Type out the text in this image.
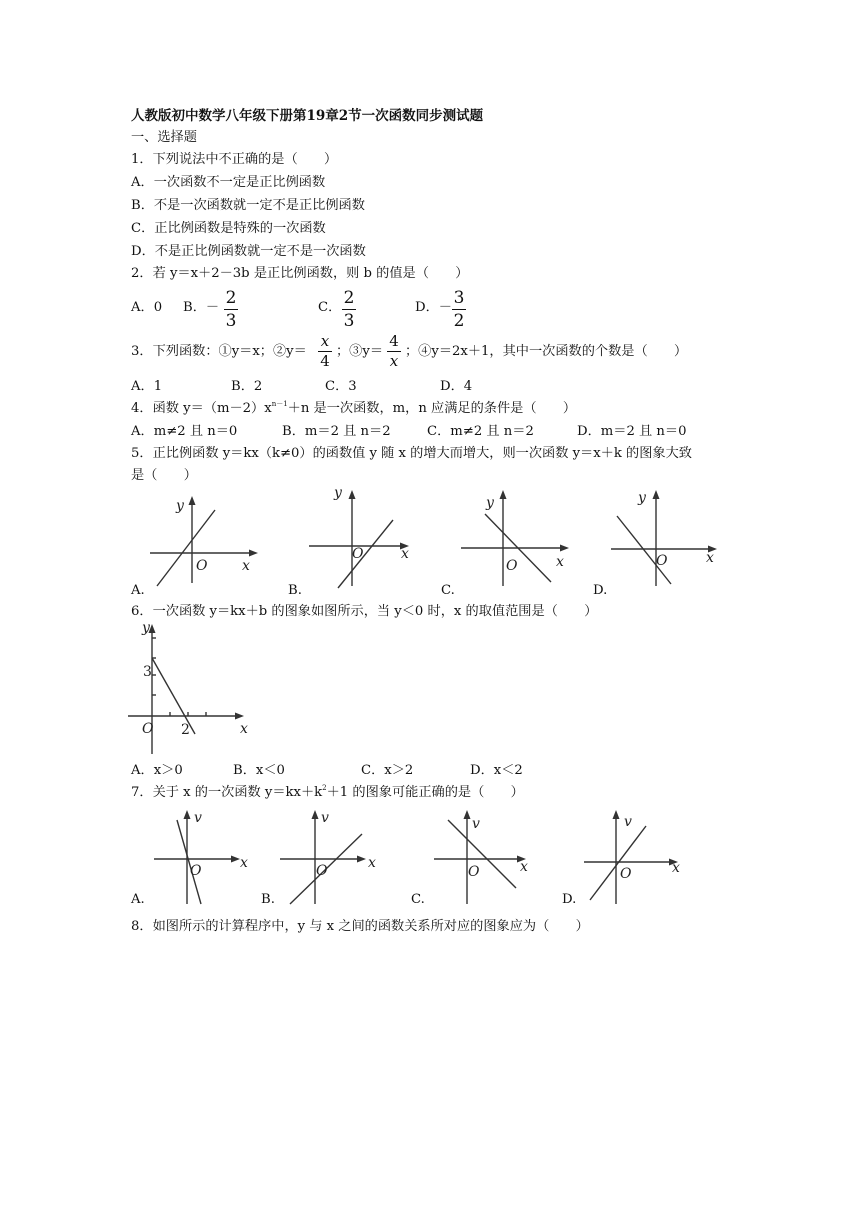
人教版初中数学八年级下册第19章2节一次函数同步测试题
一、选择题
1．下列说法中不正确的是（　　）
A．一次函数不一定是正比例函数
B．不是一次函数就一定不是正比例函数
C．正比例函数是特殊的一次函数
D．不是正比例函数就一定不是一次函数
2．若 y＝x＋2－3b 是正比例函数，则 b 的值是（　　）
A．0 B．－ 2
3
C． 2
3
D．－ 3
2
3．下列函数：①y＝x；②y＝
x
4
；③y＝
4
x
；④y＝2x＋1，其中一次函数的个数是（　　）
A．1	B．2	C．3	D．4
4．函数 $y=(m-2)x^{n-1}+n$ 是一次函数，m，n 应满足的条件是（　　）
A．m≠2 且 n＝0	B．m＝2 且 n＝2	C．m≠2 且 n＝2	D．m＝2 且 n＝0
5．正比例函数 y＝kx（k≠0）的函数值 y 随 x 的增大而增大，则一次函数 y＝x＋k 的图象大致
是（　　）
y
x
O
A.
y
x
O
B.
y
x
O
C.
y
x
O
D.
6．一次函数 y＝kx＋b 的图象如图所示，当 y＜0 时，x 的取值范围是（　　）
y
x
O
3
2
A．x＞0	B．x＜0	C．x＞2	D．x＜2
7．关于 x 的一次函数 $y=kx+k^2+1$ 的图象可能正确的是（　　）
v
x
O
A.
v
x
O
B.
v
x
O
C.
v
x
O
D.
8．如图所示的计算程序中，y 与 x 之间的函数关系所对应的图象应为（　　）
